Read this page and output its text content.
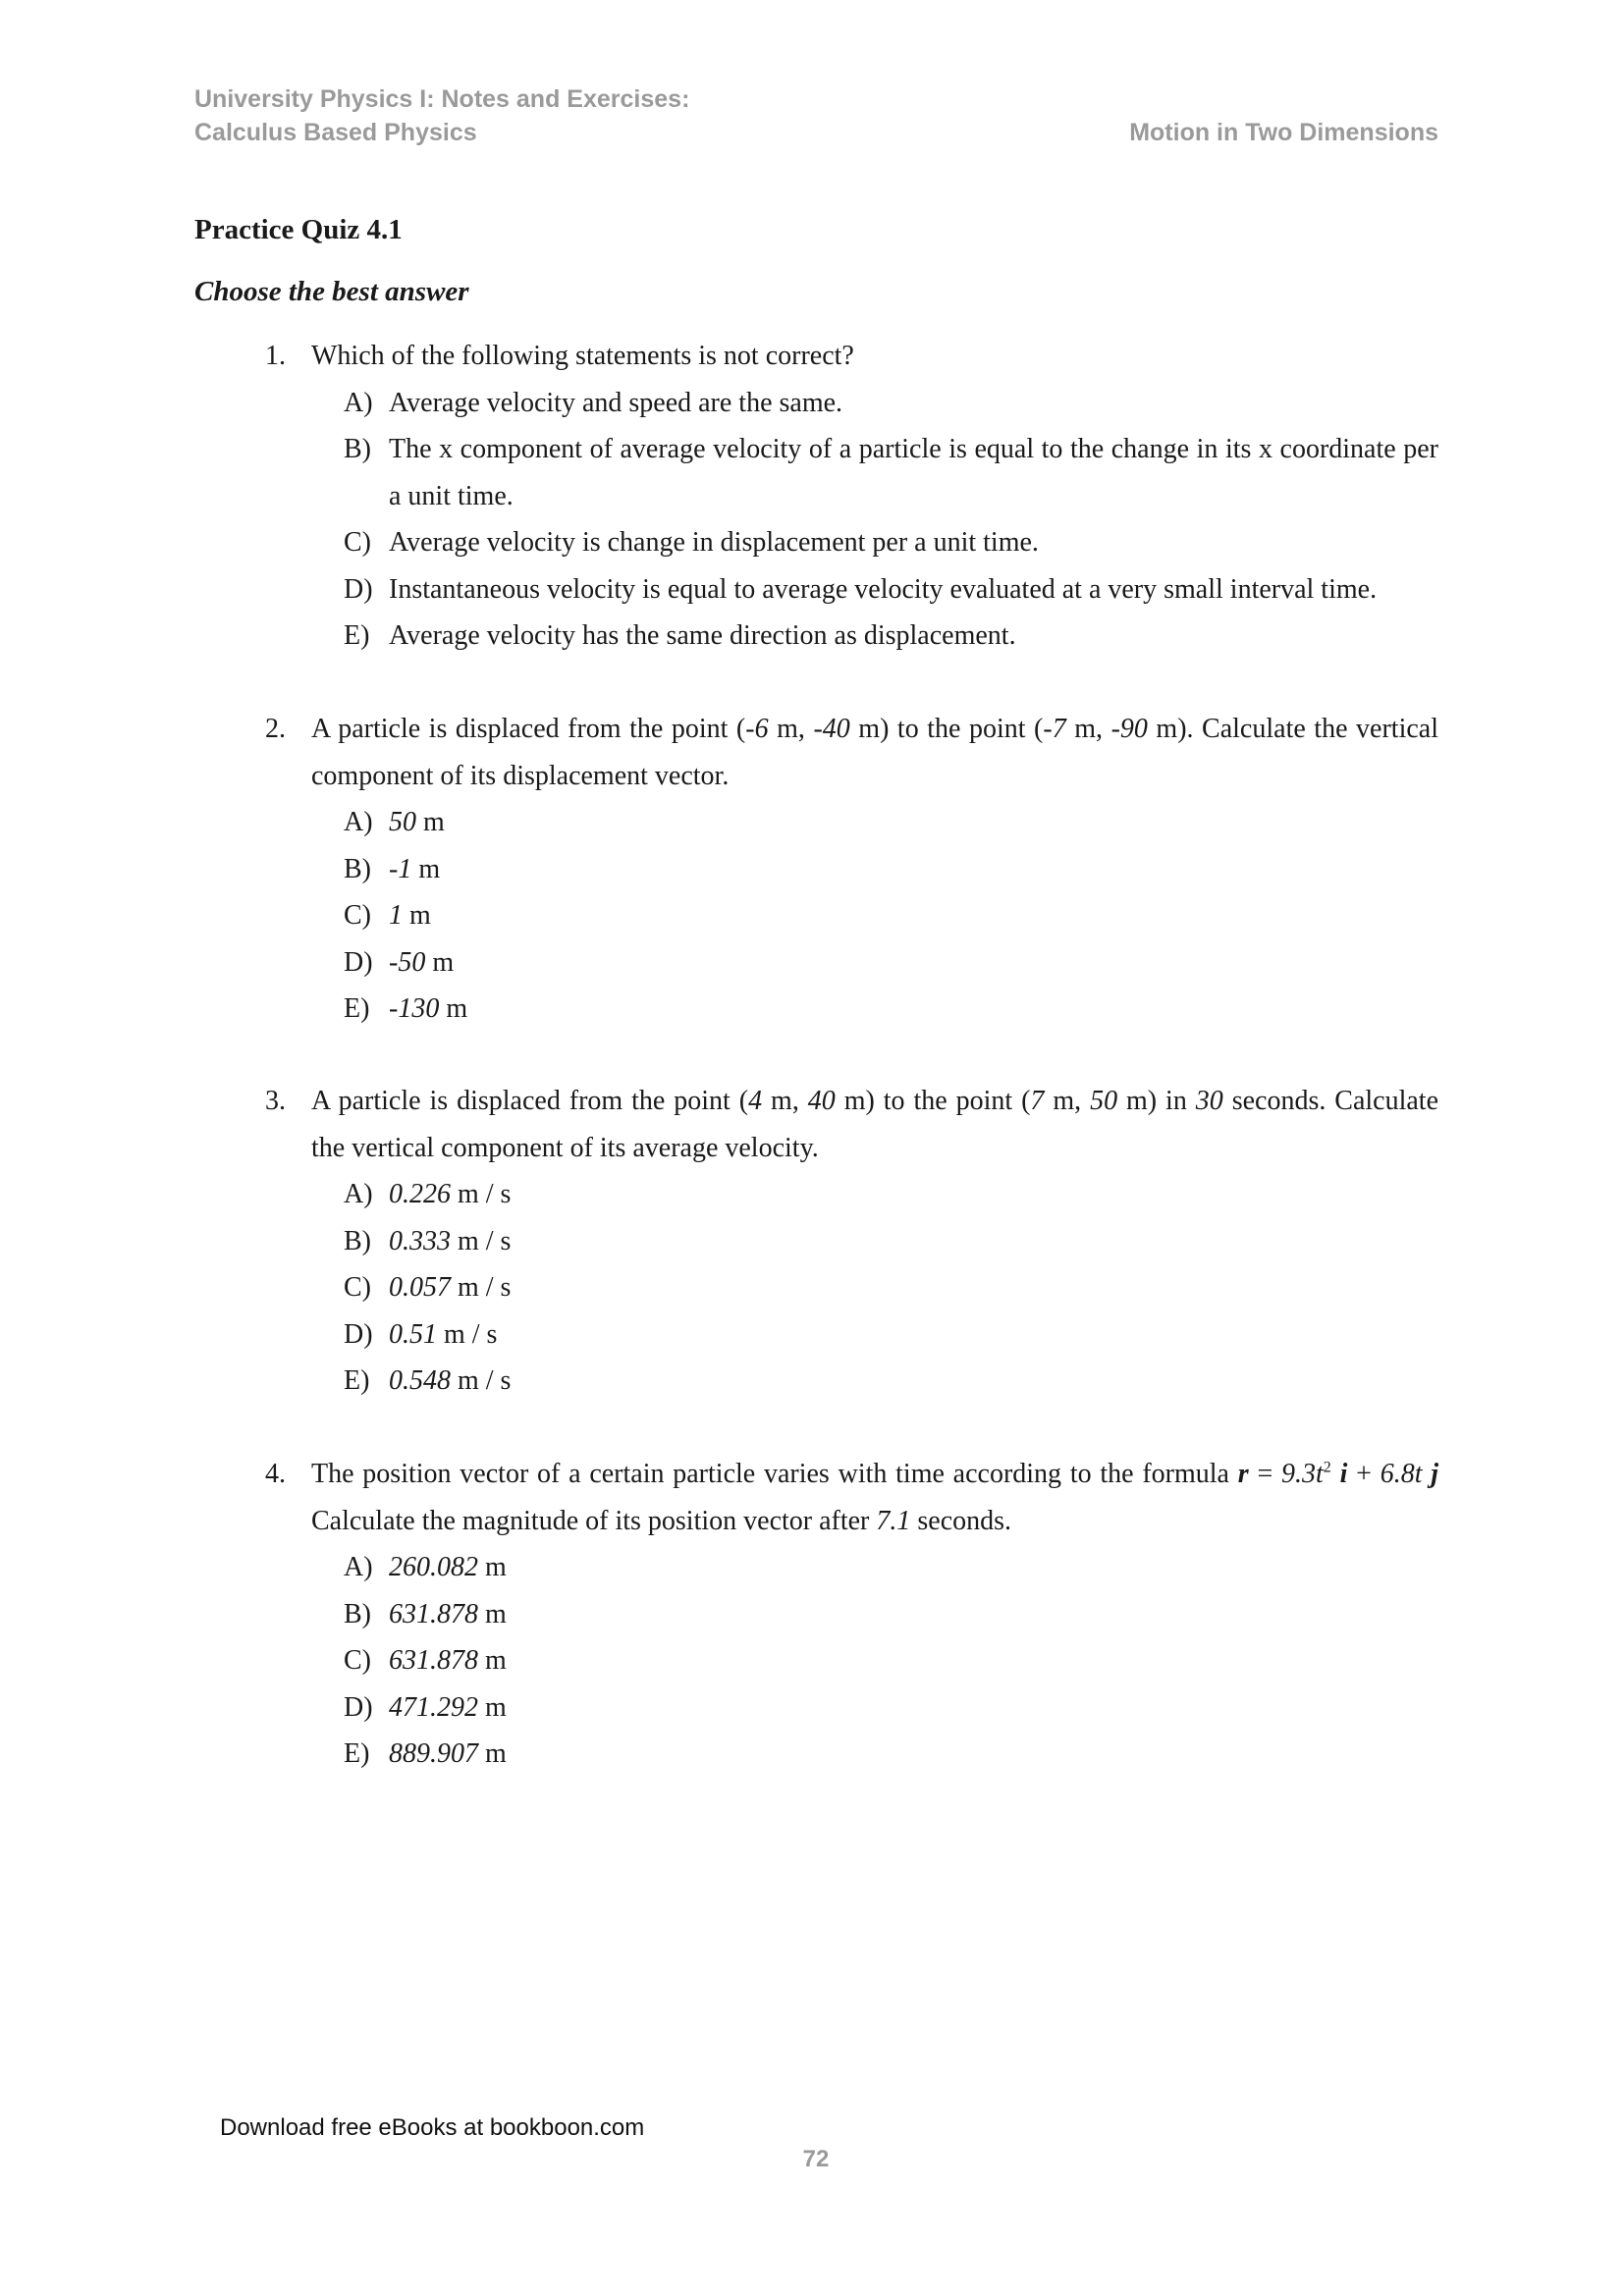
University Physics I: Notes and Exercises:
Calculus Based Physics	Motion in Two Dimensions
Practice Quiz 4.1
Choose the best answer
1. Which of the following statements is not correct?
A) Average velocity and speed are the same.
B) The x component of average velocity of a particle is equal to the change in its x coordinate per a unit time.
C) Average velocity is change in displacement per a unit time.
D) Instantaneous velocity is equal to average velocity evaluated at a very small interval time.
E) Average velocity has the same direction as displacement.
2. A particle is displaced from the point (-6 m, -40 m) to the point (-7 m, -90 m). Calculate the vertical component of its displacement vector.
A) 50 m
B) -1 m
C) 1 m
D) -50 m
E) -130 m
3. A particle is displaced from the point (4 m, 40 m) to the point (7 m, 50 m) in 30 seconds. Calculate the vertical component of its average velocity.
A) 0.226 m / s
B) 0.333 m / s
C) 0.057 m / s
D) 0.51 m / s
E) 0.548 m / s
4. The position vector of a certain particle varies with time according to the formula $r = 9.3t^2$ i + 6.8t j Calculate the magnitude of its position vector after 7.1 seconds.
A) 260.082 m
B) 631.878 m
C) 631.878 m
D) 471.292 m
E) 889.907 m
Download free eBooks at bookboon.com
72
